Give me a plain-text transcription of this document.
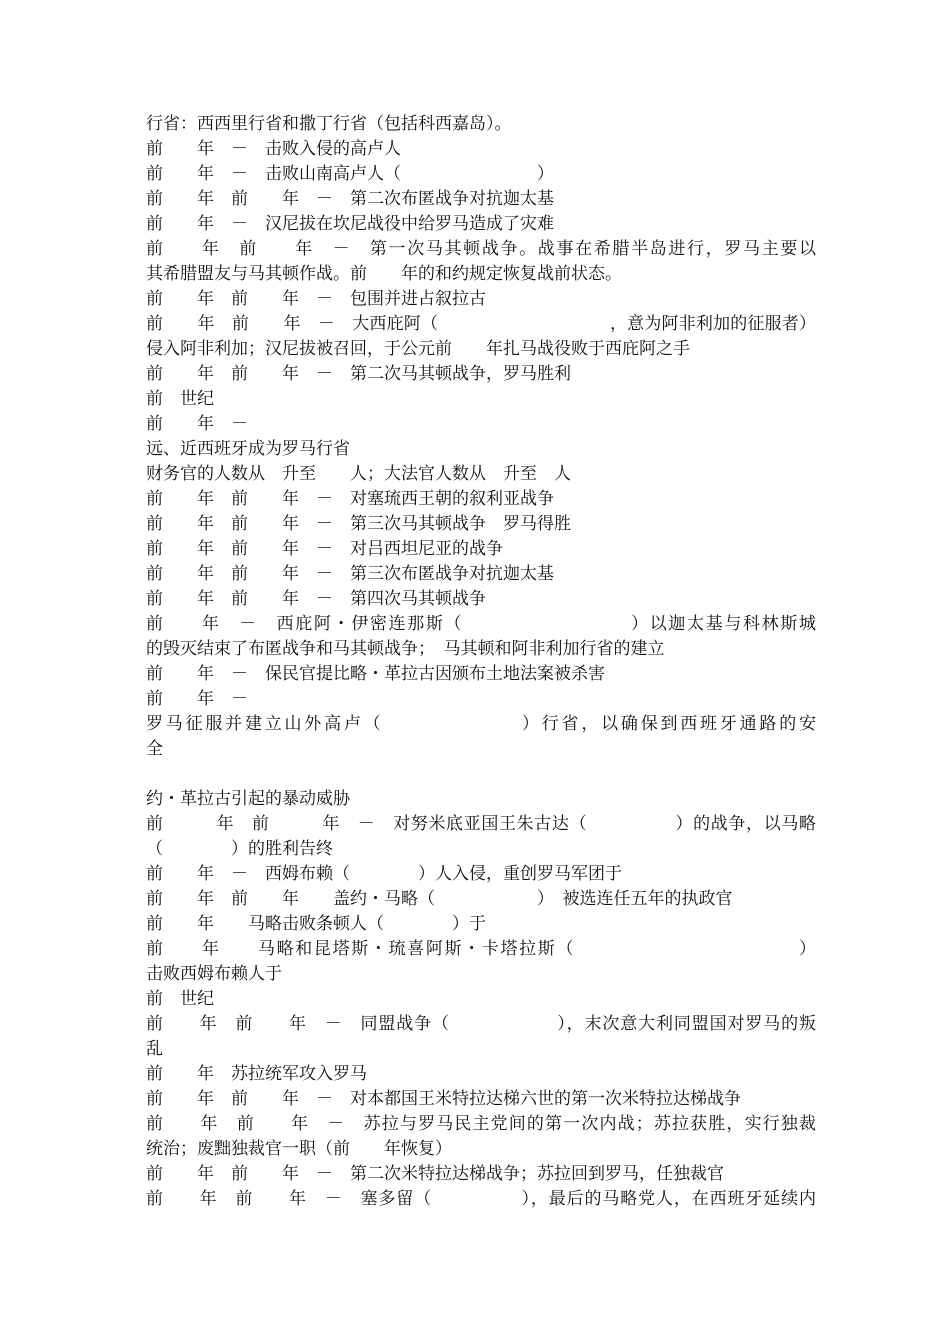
行省：西西里行省和撒丁行省（包括科西嘉岛）。
前　　年　－　击败入侵的高卢人
前　　年　－　击败山南高卢人（　　　　　　　　）
前　　年　前　　年　－　第二次布匿战争对抗迦太基
前　　年　－　汉尼拔在坎尼战役中给罗马造成了灾难
前　　年　前　　年　－　第一次马其顿战争。战事在希腊半岛进行，罗马主要以
其希腊盟友与马其顿作战。前　　年的和约规定恢复战前状态。
前　　年　前　　年　－　包围并进占叙拉古
前　　年　前　　年　－　大西庇阿（　　　　　　　　　　，意为阿非利加的征服者）
侵入阿非利加；汉尼拔被召回，于公元前　　年扎马战役败于西庇阿之手
前　　年　前　　年　－　第二次马其顿战争，罗马胜利
前　世纪
前　　年　－
远、近西班牙成为罗马行省
财务官的人数从　升至　　人；大法官人数从　升至　人
前　　年　前　　年　－　对塞琉西王朝的叙利亚战争
前　　年　前　　年　－　第三次马其顿战争　罗马得胜
前　　年　前　　年　－　对吕西坦尼亚的战争
前　　年　前　　年　－　第三次布匿战争对抗迦太基
前　　年　前　　年　－　第四次马其顿战争
前　　年　－　西庇阿・伊密连那斯（　　　　　　　　　）以迦太基与科林斯城
的毁灭结束了布匿战争和马其顿战争；　马其顿和阿非利加行省的建立
前　　年　－　保民官提比略・革拉古因颁布土地法案被杀害
前　　年　－
罗马征服并建立山外高卢（　　　　　　　）行省，以确保到西班牙通路的安
全

约・革拉古引起的暴动威胁
前　　　年　前　　　年　－　对努米底亚国王朱古达（　　　　　）的战争，以马略
（　　　　）的胜利告终
前　　年　－　西姆布赖（　　　　）人入侵，重创罗马军团于
前　　年　前　　年　　盖约・马略（　　　　　　）　被选连任五年的执政官
前　　年　　马略击败条顿人（　　　　）于
前　　年　　马略和昆塔斯・琉喜阿斯・卡塔拉斯（　　　　　　　　　　　　）
击败西姆布赖人于
前　世纪
前　　年　前　　年　－　同盟战争（　　　　　　），末次意大利同盟国对罗马的叛
乱
前　　年　苏拉统军攻入罗马
前　　年　前　　年　－　对本都国王米特拉达梯六世的第一次米特拉达梯战争
前　　年　前　　年　－　苏拉与罗马民主党间的第一次内战；苏拉获胜，实行独裁
统治；废黜独裁官一职（前　　年恢复）
前　　年　前　　年　－　第二次米特拉达梯战争；苏拉回到罗马，任独裁官
前　　年　前　　年　－　塞多留（　　　　　），最后的马略党人，在西班牙延续内
